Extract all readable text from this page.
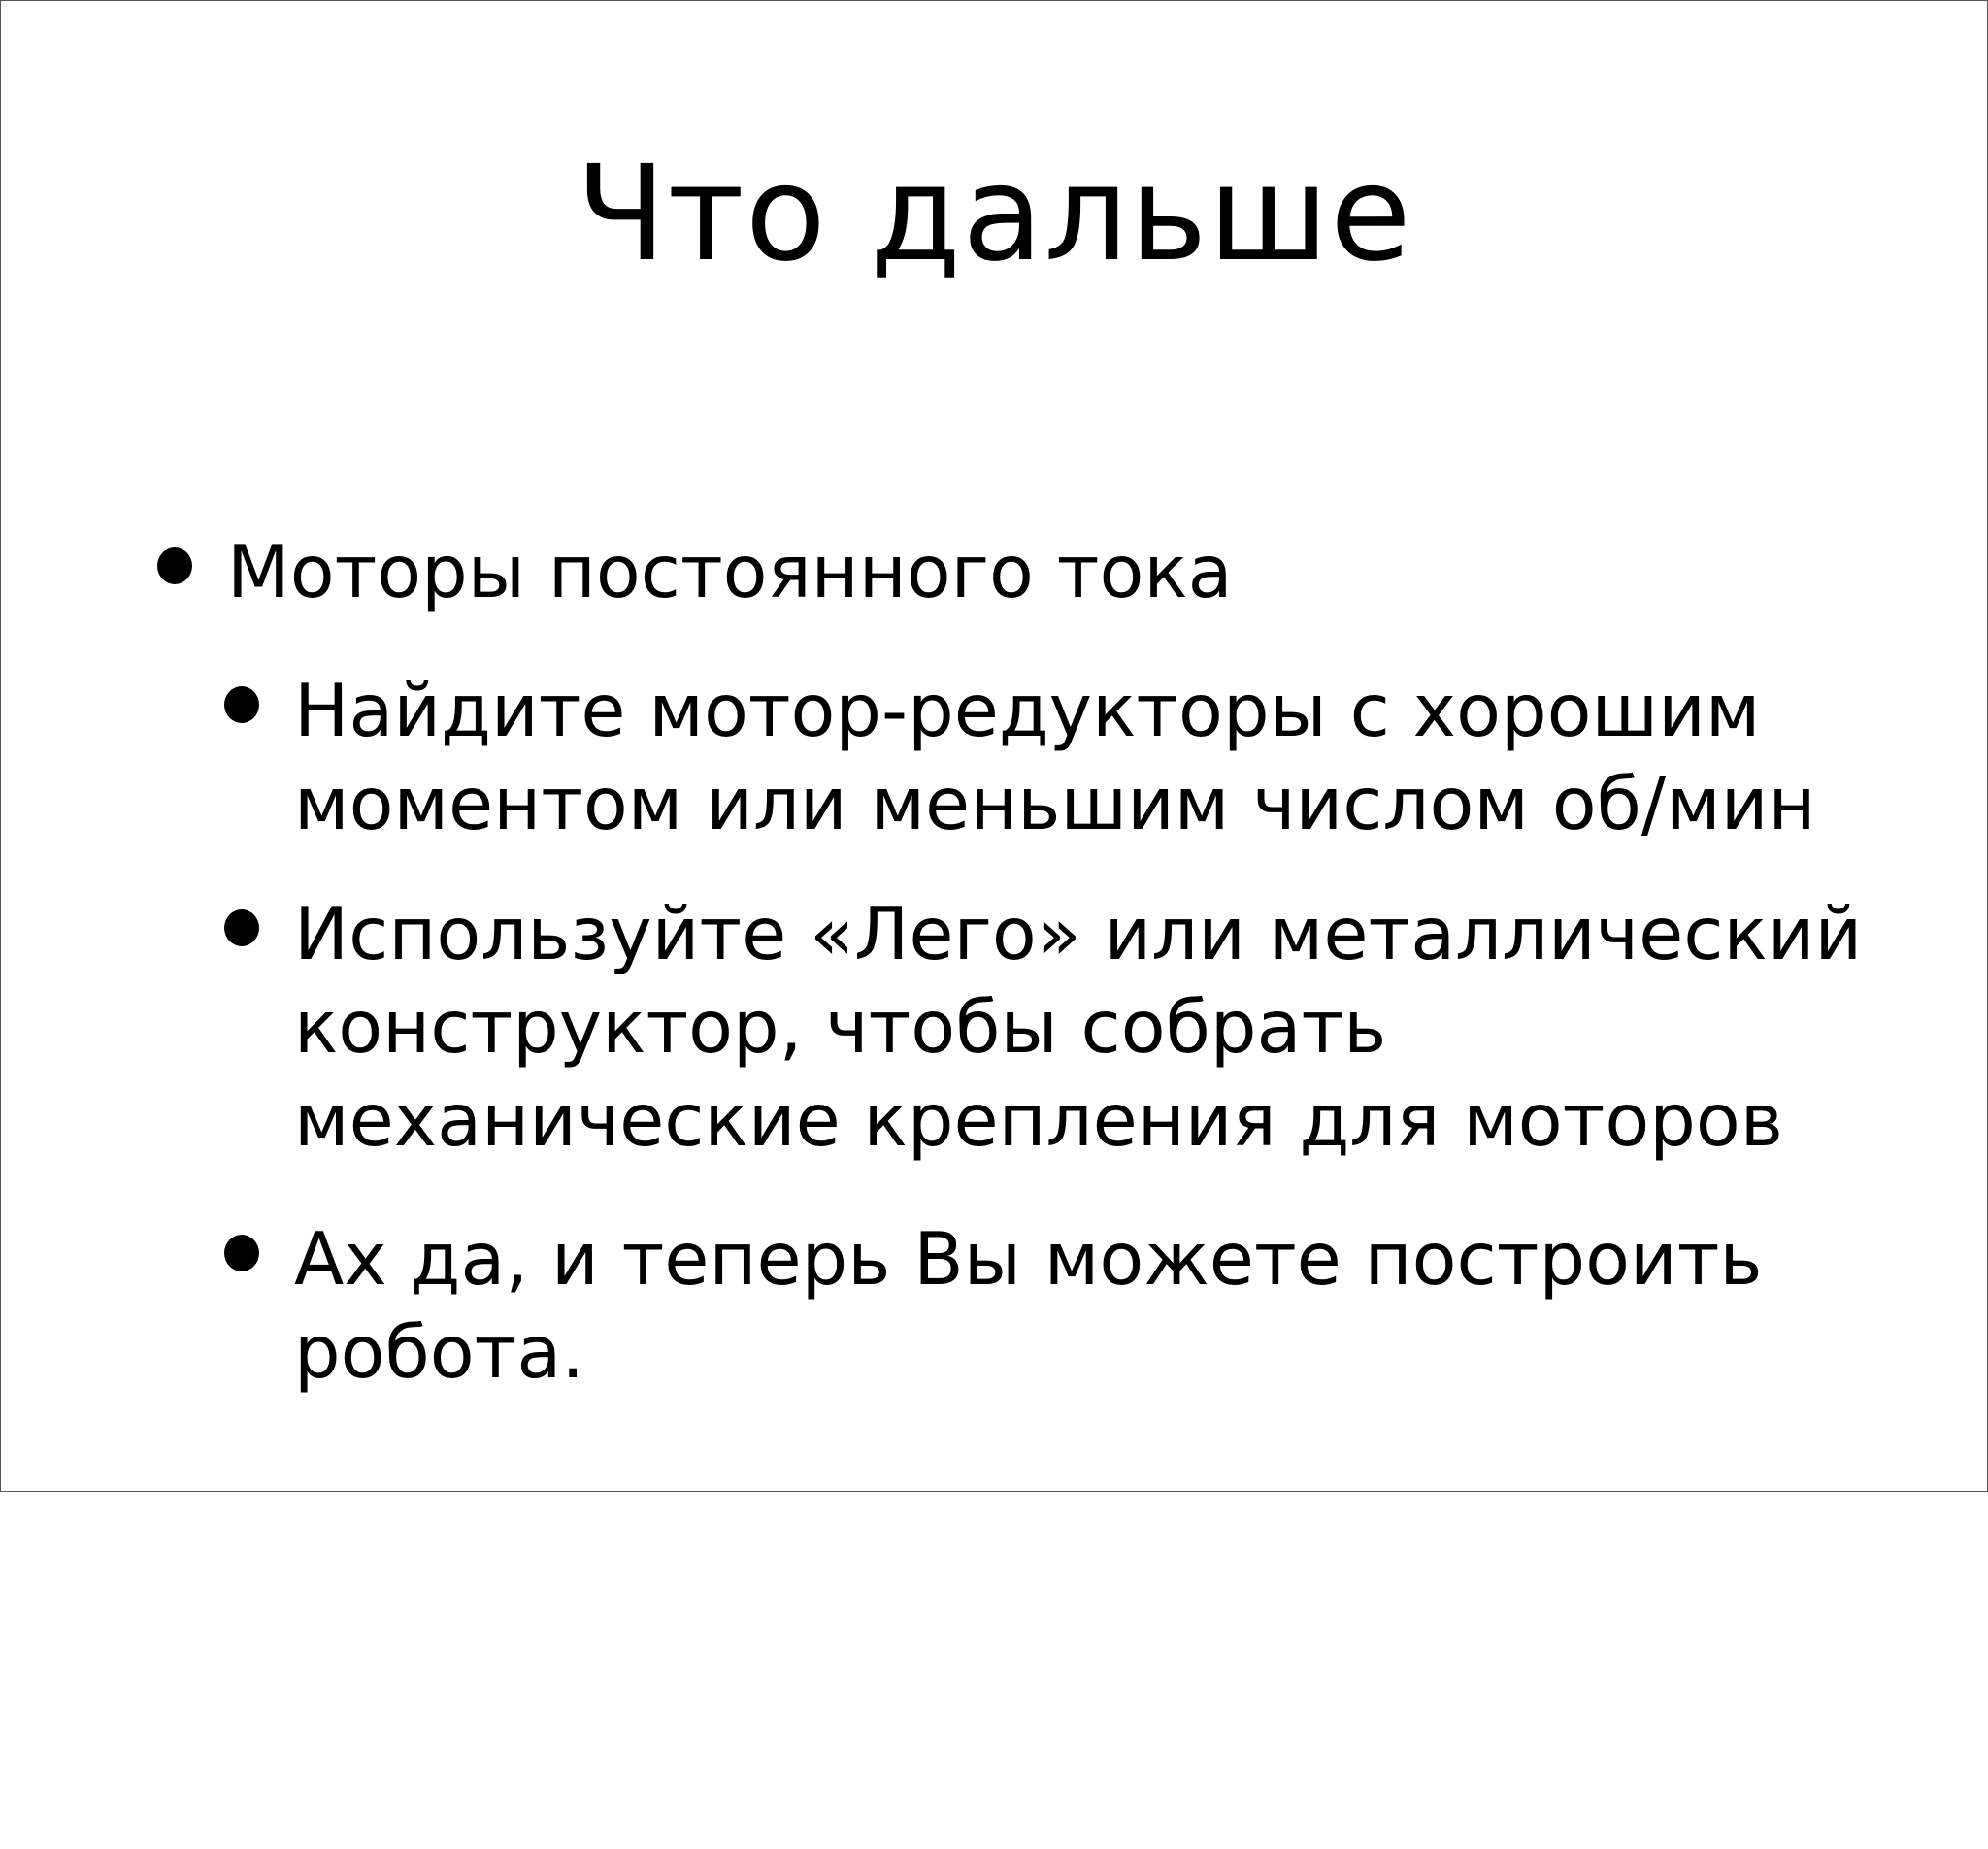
Что дальше

Моторы постоянного тока

Найдите мотор-редукторы с хорошим моментом или меньшим числом об/мин

Используйте «Лего» или металлический конструктор, чтобы собрать механические крепления для моторов

Ах да, и теперь Вы можете построить робота.
